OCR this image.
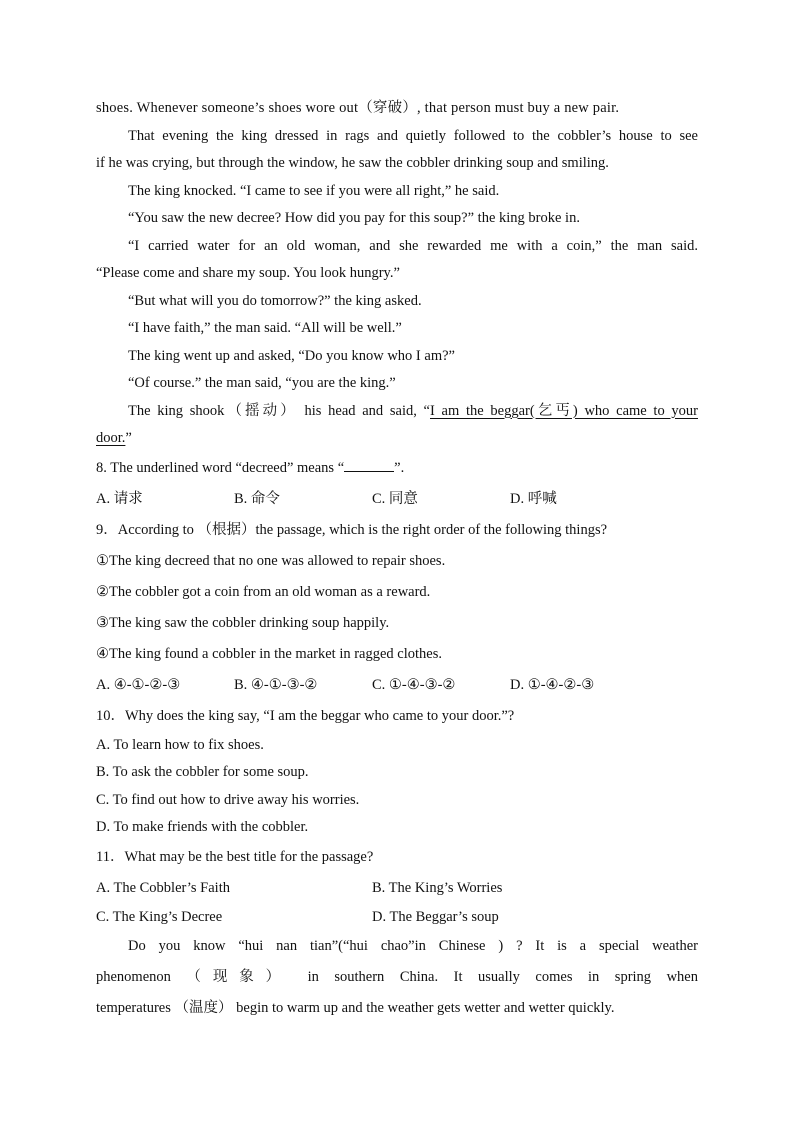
shoes. Whenever someone’s shoes wore out（穿破）, that person must buy a new pair.

That evening the king dressed in rags and quietly followed to the cobbler’s house to see

if he was crying, but through the window, he saw the cobbler drinking soup and smiling.

The king knocked. “I came to see if you were all right,” he said.

“You saw the new decree? How did you pay for this soup?” the king broke in.

“I carried water for an old woman, and she rewarded me with a coin,” the man said.

“Please come and share my soup. You look hungry.”

“But what will you do tomorrow?” the king asked.

“I have faith,” the man said. “All will be well.”

The king went up and asked, “Do you know who I am?”

“Of course.” the man said, “you are the king.”

The king shook（摇动） his head and said, “I am the beggar(乞丐) who came to your

door.”

8. The underlined word “decreed” means “	”.

A. 请求	B. 命令	C. 同意	D. 呼喊

9．According to （根据）the passage, which is the right order of the following things?

①The king decreed that no one was allowed to repair shoes.

②The cobbler got a coin from an old woman as a reward.

③The king saw the cobbler drinking soup happily.

④The king found a cobbler in the market in ragged clothes.

A. ④-①-②-③	B. ④-①-③-②	C. ①-④-③-②	D. ①-④-②-③

10．Why does the king say, “I am the beggar who came to your door.”?

A. To learn how to fix shoes.

B. To ask the cobbler for some soup.

C. To find out how to drive away his worries.

D. To make friends with the cobbler.

11．What may be the best title for the passage?

A. The Cobbler’s Faith	B. The King’s Worries
C. The King’s Decree	D. The Beggar’s soup

Do you know “hui nan tian”(“hui chao”in Chinese ) ? It is a special weather

phenomenon （现象） in southern China. It usually comes in spring when

temperatures （温度） begin to warm up and the weather gets wetter and wetter quickly.
